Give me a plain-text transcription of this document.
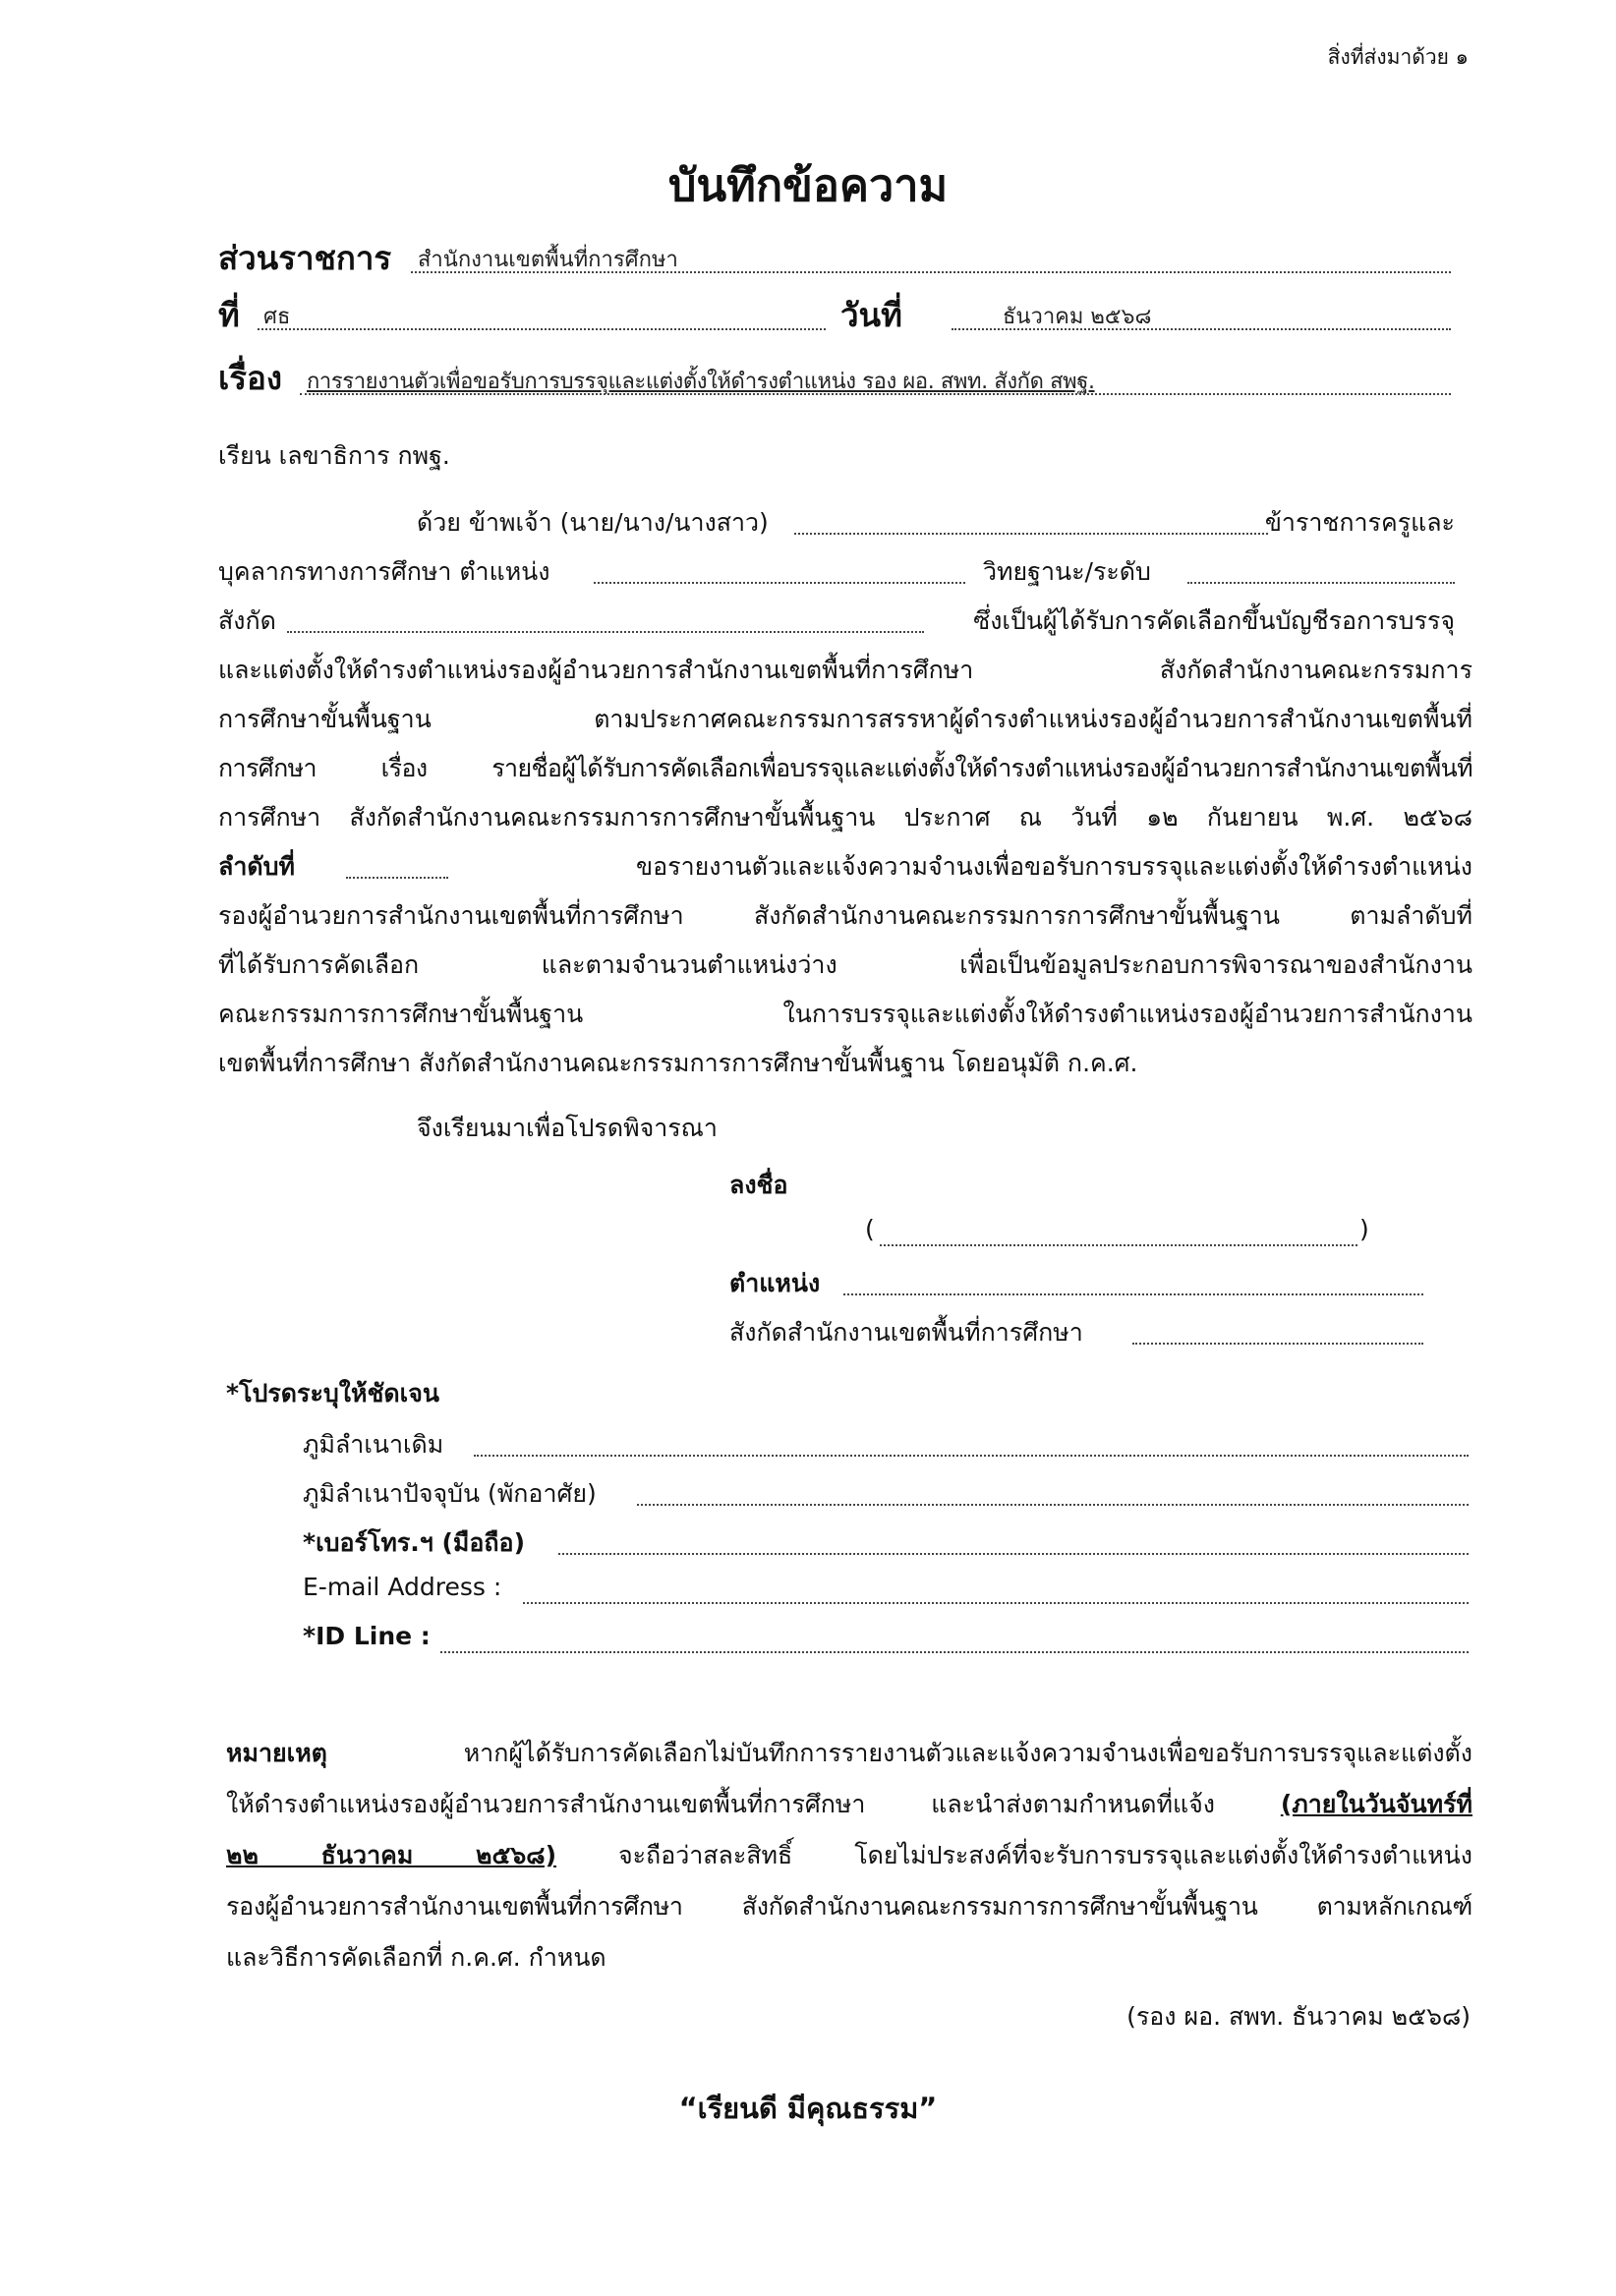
สิ่งที่ส่งมาด้วย ๑
บันทึกข้อความ
ส่วนราชการ สำนักงานเขตพื้นที่การศึกษา
ที่ ศธ	วันที่	ธันวาคม ๒๕๖๘
เรื่อง การรายงานตัวเพื่อขอรับการบรรจุและแต่งตั้งให้ดำรงตำแหน่ง รอง ผอ. สพท. สังกัด สพฐ.
เรียน เลขาธิการ กพฐ.
ด้วย ข้าพเจ้า (นาย/นาง/นางสาว)	ข้าราชการครูและ
บุคลากรทางการศึกษา ตำแหน่ง	วิทยฐานะ/ระดับ
สังกัด	ซึ่งเป็นผู้ได้รับการคัดเลือกขึ้นบัญชีรอการบรรจุ
และแต่งตั้งให้ดำรงตำแหน่งรองผู้อำนวยการสำนักงานเขตพื้นที่การศึกษา สังกัดสำนักงานคณะกรรมการ
การศึกษาขั้นพื้นฐาน ตามประกาศคณะกรรมการสรรหาผู้ดำรงตำแหน่งรองผู้อำนวยการสำนักงานเขตพื้นที่
การศึกษา เรื่อง รายชื่อผู้ได้รับการคัดเลือกเพื่อบรรจุและแต่งตั้งให้ดำรงตำแหน่งรองผู้อำนวยการสำนักงานเขตพื้นที่
การศึกษา สังกัดสำนักงานคณะกรรมการการศึกษาขั้นพื้นฐาน ประกาศ ณ วันที่ ๑๒ กันยายน พ.ศ. ๒๕๖๘
ลำดับที่	ขอรายงานตัวและแจ้งความจำนงเพื่อขอรับการบรรจุและแต่งตั้งให้ดำรงตำแหน่ง
รองผู้อำนวยการสำนักงานเขตพื้นที่การศึกษา สังกัดสำนักงานคณะกรรมการการศึกษาขั้นพื้นฐาน ตามลำดับที่
ที่ได้รับการคัดเลือก และตามจำนวนตำแหน่งว่าง เพื่อเป็นข้อมูลประกอบการพิจารณาของสำนักงาน
คณะกรรมการการศึกษาขั้นพื้นฐาน ในการบรรจุและแต่งตั้งให้ดำรงตำแหน่งรองผู้อำนวยการสำนักงาน
เขตพื้นที่การศึกษา สังกัดสำนักงานคณะกรรมการการศึกษาขั้นพื้นฐาน โดยอนุมัติ ก.ค.ศ.
จึงเรียนมาเพื่อโปรดพิจารณา
ลงชื่อ
(	)
ตำแหน่ง
สังกัดสำนักงานเขตพื้นที่การศึกษา
*โปรดระบุให้ชัดเจน
ภูมิลำเนาเดิม
ภูมิลำเนาปัจจุบัน (พักอาศัย)
*เบอร์โทร.ฯ (มือถือ)
E-mail Address :
*ID Line :
หมายเหตุ	หากผู้ได้รับการคัดเลือกไม่บันทึกการรายงานตัวและแจ้งความจำนงเพื่อขอรับการบรรจุและแต่งตั้ง
ให้ดำรงตำแหน่งรองผู้อำนวยการสำนักงานเขตพื้นที่การศึกษา และนำส่งตามกำหนดที่แจ้ง	(ภายในวันจันทร์ที่
๒๒ ธันวาคม ๒๕๖๘)	จะถือว่าสละสิทธิ์ โดยไม่ประสงค์ที่จะรับการบรรจุและแต่งตั้งให้ดำรงตำแหน่ง
รองผู้อำนวยการสำนักงานเขตพื้นที่การศึกษา สังกัดสำนักงานคณะกรรมการการศึกษาขั้นพื้นฐาน ตามหลักเกณฑ์
และวิธีการคัดเลือกที่ ก.ค.ศ. กำหนด
(รอง ผอ. สพท. ธันวาคม ๒๕๖๘)
“เรียนดี มีคุณธรรม”
